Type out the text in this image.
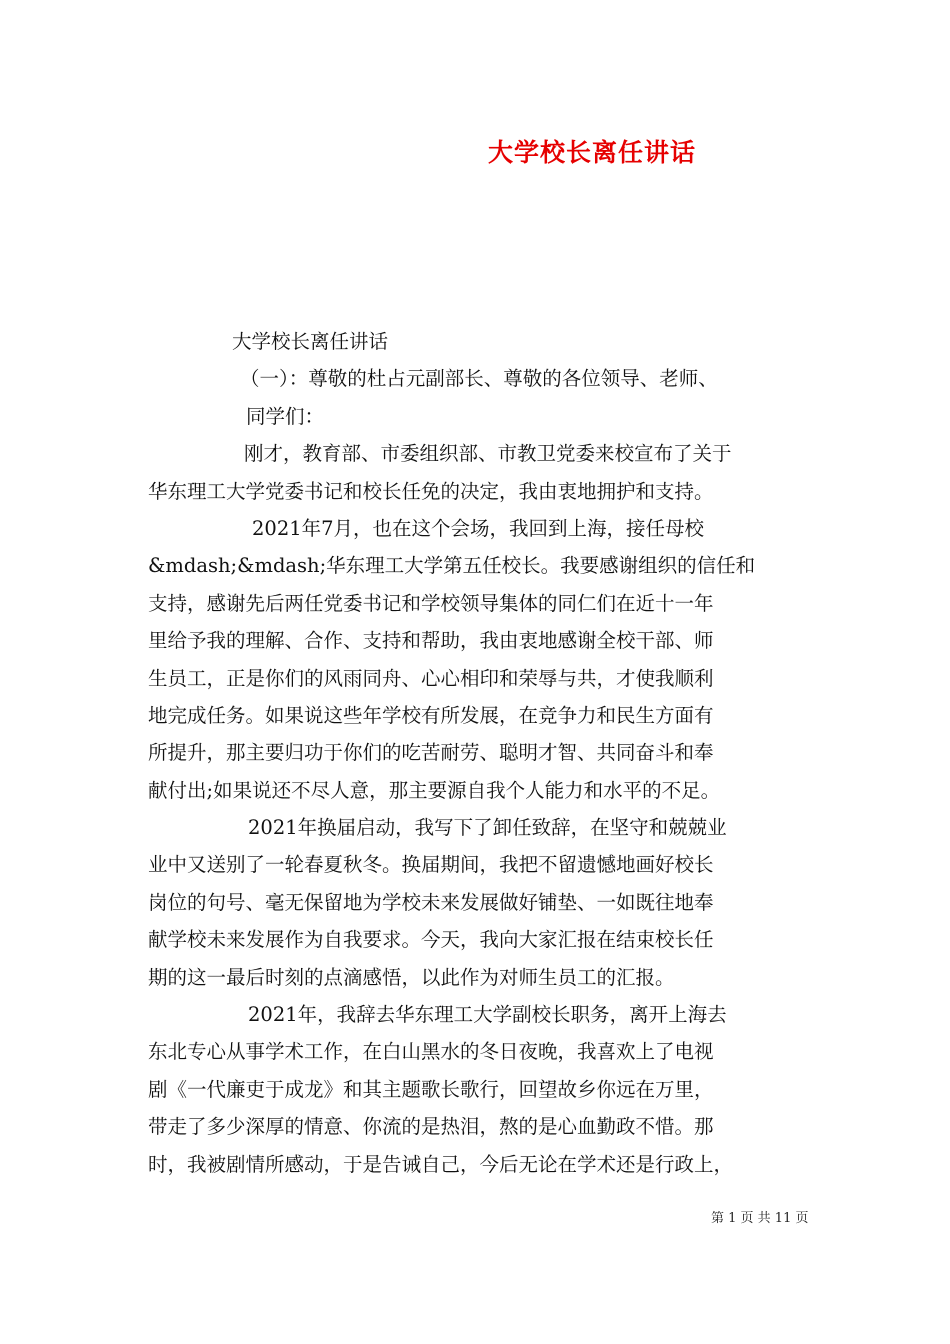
大学校长离任讲话
大学校长离任讲话
（一）：尊敬的杜占元副部长、尊敬的各位领导、老师、
同学们：
刚才，教育部、市委组织部、市教卫党委来校宣布了关于
华东理工大学党委书记和校长任免的决定，我由衷地拥护和支持。
2021年7月，也在这个会场，我回到上海，接任母校
&mdash;&mdash;华东理工大学第五任校长。我要感谢组织的信任和
支持，感谢先后两任党委书记和学校领导集体的同仁们在近十一年
里给予我的理解、合作、支持和帮助，我由衷地感谢全校干部、师
生员工，正是你们的风雨同舟、心心相印和荣辱与共，才使我顺利
地完成任务。如果说这些年学校有所发展，在竞争力和民生方面有
所提升，那主要归功于你们的吃苦耐劳、聪明才智、共同奋斗和奉
献付出;如果说还不尽人意，那主要源自我个人能力和水平的不足。
2021年换届启动，我写下了卸任致辞，在坚守和兢兢业
业中又送别了一轮春夏秋冬。换届期间，我把不留遗憾地画好校长
岗位的句号、毫无保留地为学校未来发展做好铺垫、一如既往地奉
献学校未来发展作为自我要求。今天，我向大家汇报在结束校长任
期的这一最后时刻的点滴感悟，以此作为对师生员工的汇报。
2021年，我辞去华东理工大学副校长职务，离开上海去
东北专心从事学术工作，在白山黑水的冬日夜晚，我喜欢上了电视
剧《一代廉吏于成龙》和其主题歌长歌行，回望故乡你远在万里，
带走了多少深厚的情意、你流的是热泪，熬的是心血勤政不惜。那
时，我被剧情所感动，于是告诫自己，今后无论在学术还是行政上，
第 1 页 共 11 页
